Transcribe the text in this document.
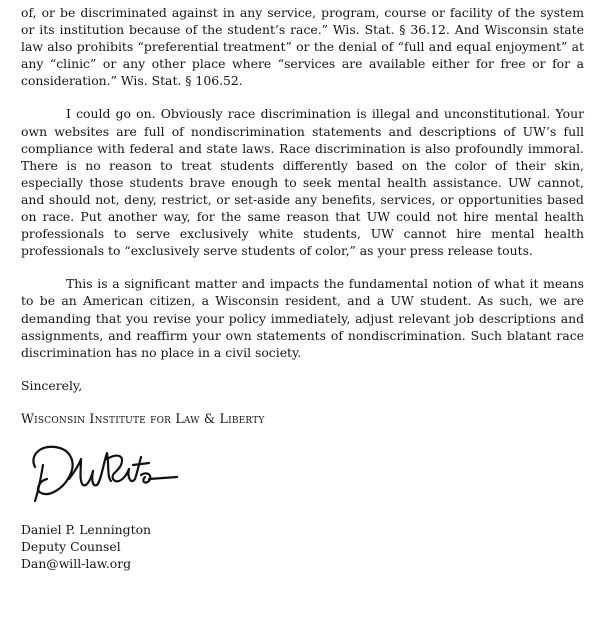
of, or be discriminated against in any service, program, course or facility of the system or its institution because of the student’s race.” Wis. Stat. § 36.12. And Wisconsin state law also prohibits “preferential treatment” or the denial of “full and equal enjoyment” at any “clinic” or any other place where “services are available either for free or for a consideration.” Wis. Stat. § 106.52.

I could go on. Obviously race discrimination is illegal and unconstitutional. Your own websites are full of nondiscrimination statements and descriptions of UW’s full compliance with federal and state laws. Race discrimination is also profoundly immoral. There is no reason to treat students differently based on the color of their skin, especially those students brave enough to seek mental health assistance. UW cannot, and should not, deny, restrict, or set-aside any benefits, services, or opportunities based on race. Put another way, for the same reason that UW could not hire mental health professionals to serve exclusively white students, UW cannot hire mental health professionals to “exclusively serve students of color,” as your press release touts.

This is a significant matter and impacts the fundamental notion of what it means to be an American citizen, a Wisconsin resident, and a UW student. As such, we are demanding that you revise your policy immediately, adjust relevant job descriptions and assignments, and reaffirm your own statements of nondiscrimination. Such blatant race discrimination has no place in a civil society.

Sincerely,

Wisconsin Institute for Law & Liberty

Daniel P. Lennington

Deputy Counsel

Dan@will-law.org
